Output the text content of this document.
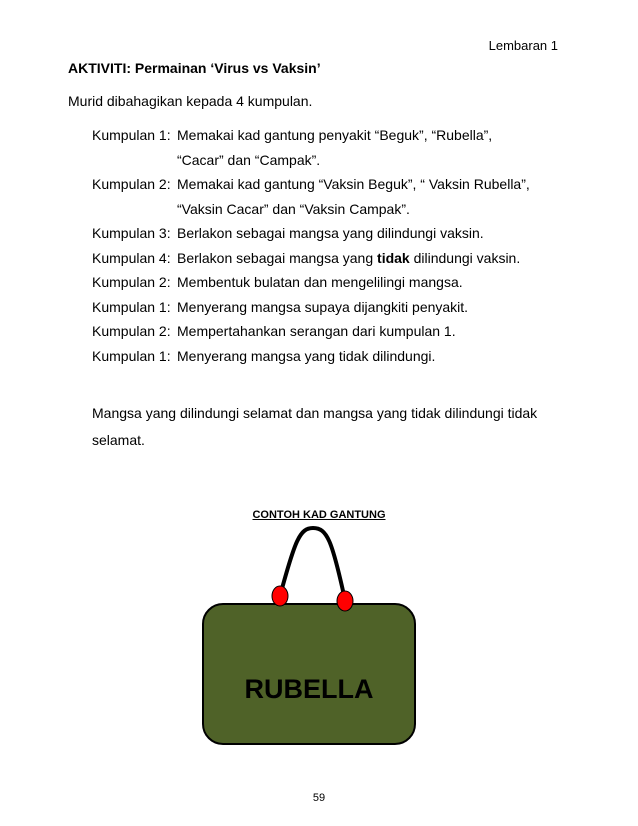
Lembaran 1
AKTIVITI: Permainan ‘Virus vs Vaksin’
Murid dibahagikan kepada 4 kumpulan.
Kumpulan 1: Memakai kad gantung penyakit “Beguk”, “Rubella”,
“Cacar” dan “Campak”.
Kumpulan 2: Memakai kad gantung “Vaksin Beguk”, “ Vaksin Rubella”,
“Vaksin Cacar” dan “Vaksin Campak”.
Kumpulan 3: Berlakon sebagai mangsa yang dilindungi vaksin.
Kumpulan 4: Berlakon sebagai mangsa yang tidak dilindungi vaksin.
Kumpulan 2: Membentuk bulatan dan mengelilingi mangsa.
Kumpulan 1: Menyerang mangsa supaya dijangkiti penyakit.
Kumpulan 2: Mempertahankan serangan dari kumpulan 1.
Kumpulan 1: Menyerang mangsa yang tidak dilindungi.
Mangsa yang dilindungi selamat dan mangsa yang tidak dilindungi tidak selamat.
CONTOH KAD GANTUNG
RUBELLA
59
